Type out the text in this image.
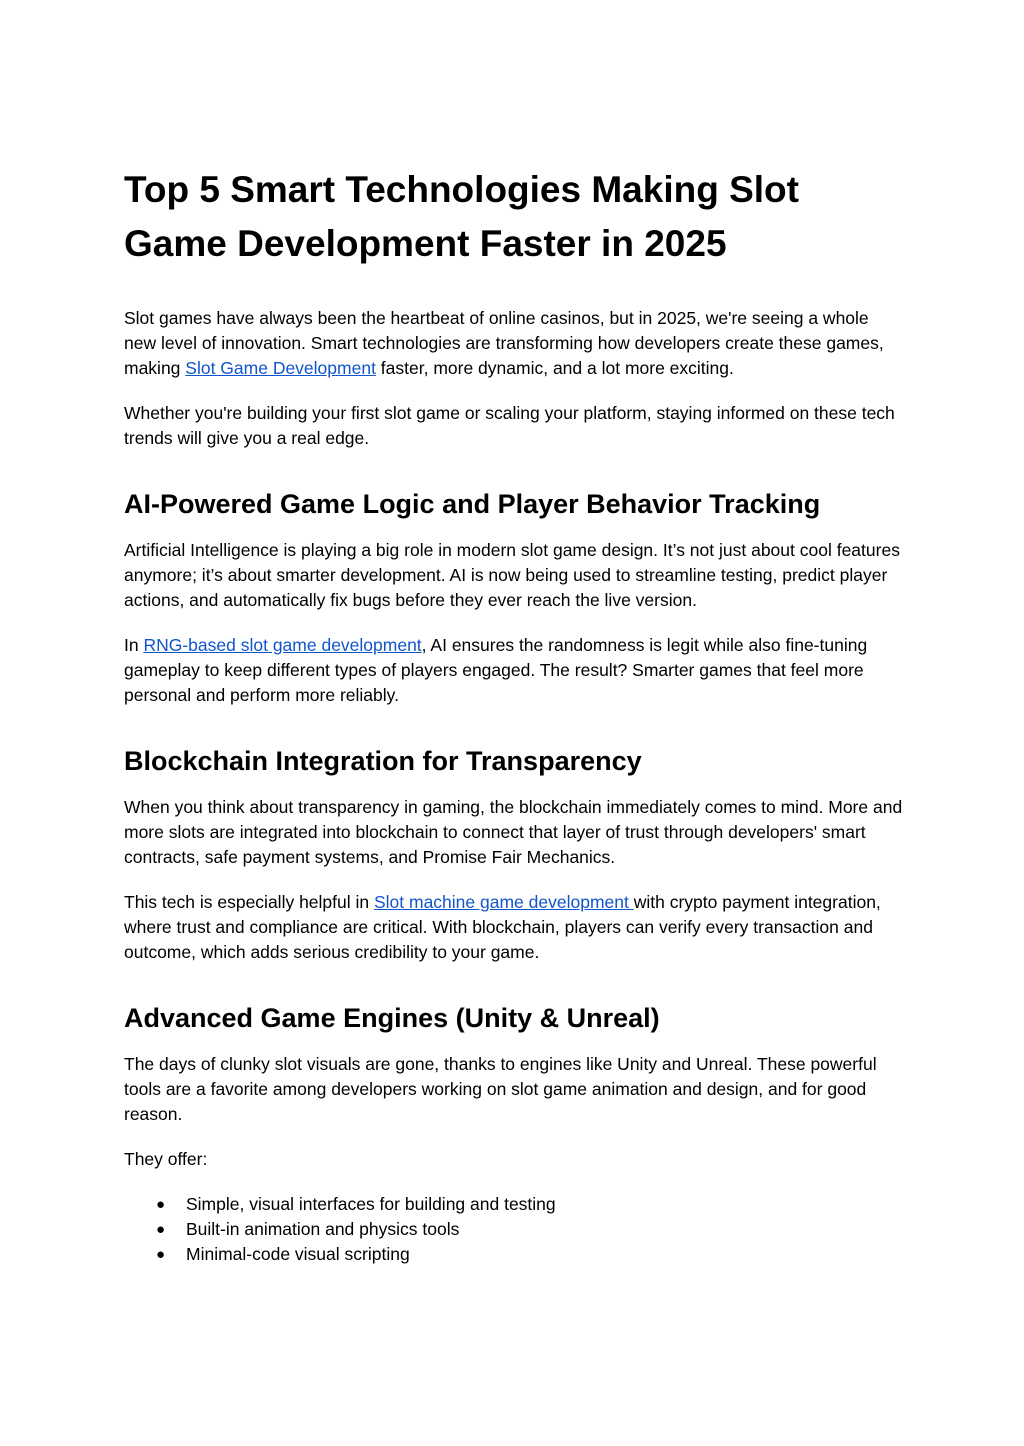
Top 5 Smart Technologies Making Slot Game Development Faster in 2025

Slot games have always been the heartbeat of online casinos, but in 2025, we're seeing a whole new level of innovation. Smart technologies are transforming how developers create these games, making Slot Game Development faster, more dynamic, and a lot more exciting.

Whether you're building your first slot game or scaling your platform, staying informed on these tech trends will give you a real edge.

AI-Powered Game Logic and Player Behavior Tracking

Artificial Intelligence is playing a big role in modern slot game design. It’s not just about cool features anymore; it’s about smarter development. AI is now being used to streamline testing, predict player actions, and automatically fix bugs before they ever reach the live version.

In RNG-based slot game development, AI ensures the randomness is legit while also fine-tuning gameplay to keep different types of players engaged. The result? Smarter games that feel more personal and perform more reliably.

Blockchain Integration for Transparency

When you think about transparency in gaming, the blockchain immediately comes to mind. More and more slots are integrated into blockchain to connect that layer of trust through developers' smart contracts, safe payment systems, and Promise Fair Mechanics.

This tech is especially helpful in Slot machine game development with crypto payment integration, where trust and compliance are critical. With blockchain, players can verify every transaction and outcome, which adds serious credibility to your game.

Advanced Game Engines (Unity & Unreal)

The days of clunky slot visuals are gone, thanks to engines like Unity and Unreal. These powerful tools are a favorite among developers working on slot game animation and design, and for good reason.

They offer:

● Simple, visual interfaces for building and testing
● Built-in animation and physics tools
● Minimal-code visual scripting
